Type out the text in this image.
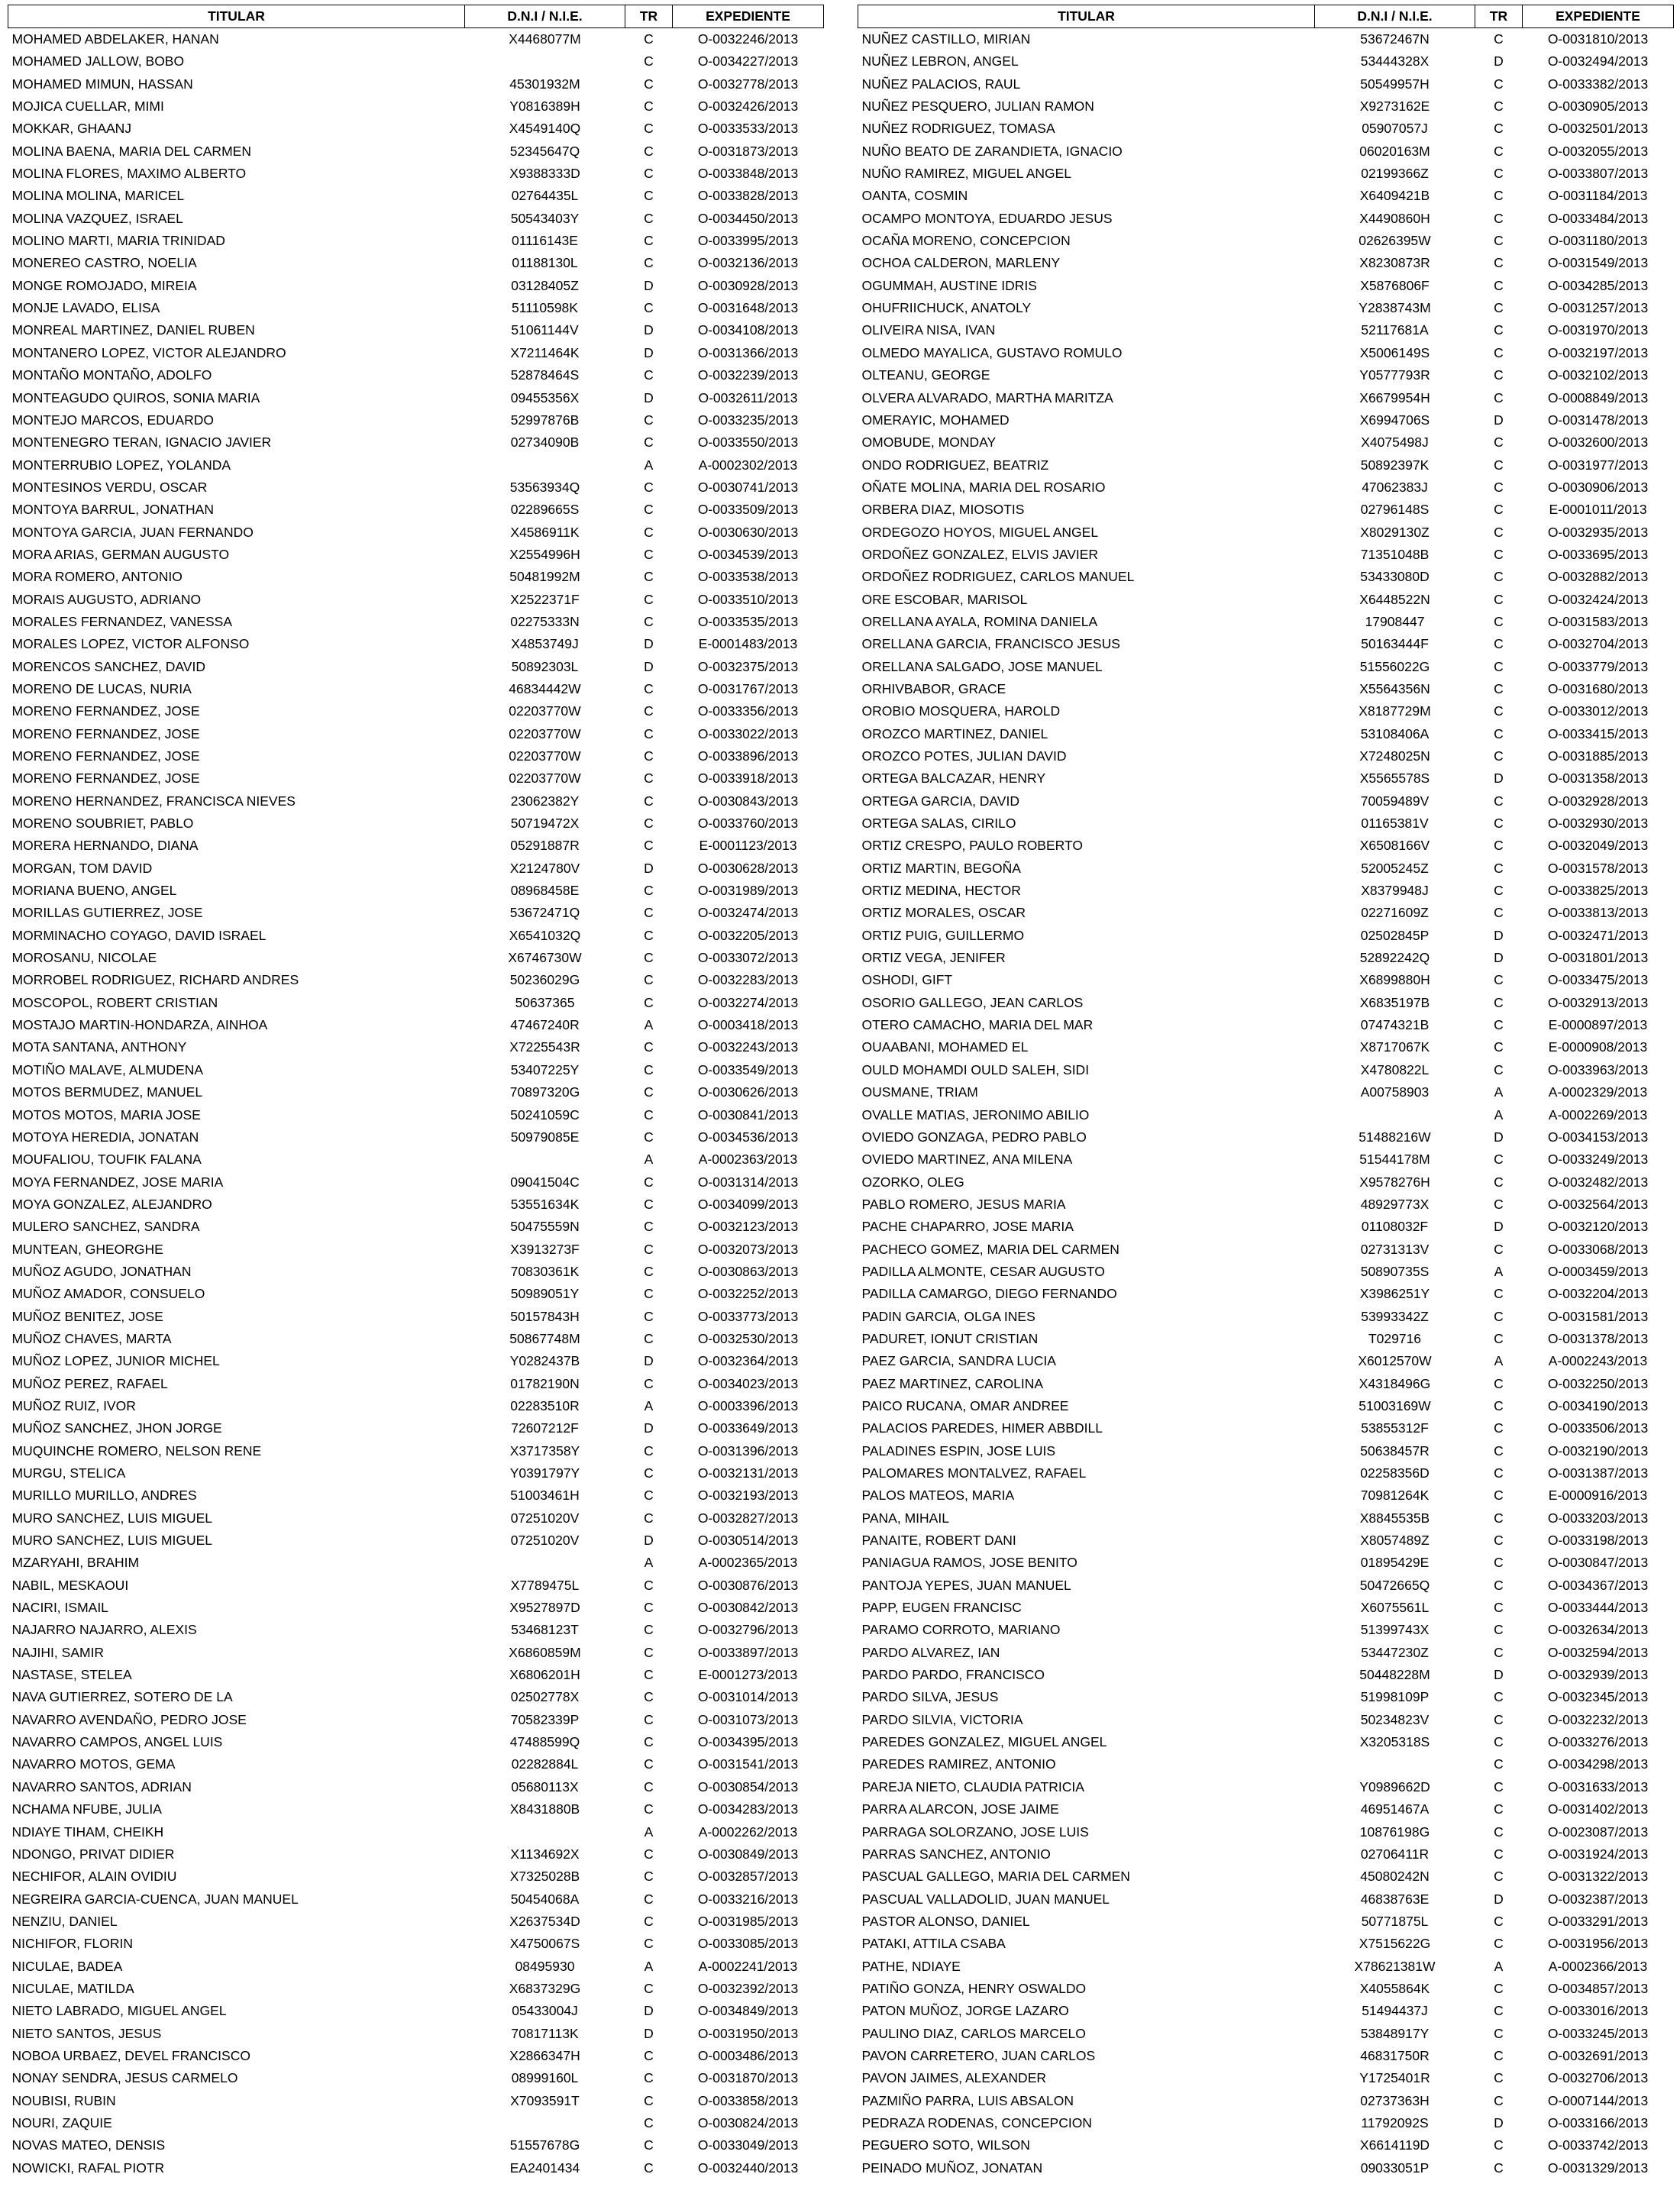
TITULAR	D.N.I / N.I.E.	TR	EXPEDIENTE
MOHAMED ABDELAKER, HANAN	X4468077M	C	O-0032246/2013
MOHAMED JALLOW, BOBO		C	O-0034227/2013
MOHAMED MIMUN, HASSAN	45301932M	C	O-0032778/2013
MOJICA CUELLAR, MIMI	Y0816389H	C	O-0032426/2013
MOKKAR, GHAANJ	X4549140Q	C	O-0033533/2013
MOLINA BAENA, MARIA DEL CARMEN	52345647Q	C	O-0031873/2013
MOLINA FLORES, MAXIMO ALBERTO	X9388333D	C	O-0033848/2013
MOLINA MOLINA, MARICEL	02764435L	C	O-0033828/2013
MOLINA VAZQUEZ, ISRAEL	50543403Y	C	O-0034450/2013
MOLINO MARTI, MARIA TRINIDAD	01116143E	C	O-0033995/2013
MONEREO CASTRO, NOELIA	01188130L	C	O-0032136/2013
MONGE ROMOJADO, MIREIA	03128405Z	D	O-0030928/2013
MONJE LAVADO, ELISA	51110598K	C	O-0031648/2013
MONREAL MARTINEZ, DANIEL RUBEN	51061144V	D	O-0034108/2013
MONTANERO LOPEZ, VICTOR ALEJANDRO	X7211464K	D	O-0031366/2013
MONTAÑO MONTAÑO, ADOLFO	52878464S	C	O-0032239/2013
MONTEAGUDO QUIROS, SONIA MARIA	09455356X	D	O-0032611/2013
MONTEJO MARCOS, EDUARDO	52997876B	C	O-0033235/2013
MONTENEGRO TERAN, IGNACIO JAVIER	02734090B	C	O-0033550/2013
MONTERRUBIO LOPEZ, YOLANDA		A	A-0002302/2013
MONTESINOS VERDU, OSCAR	53563934Q	C	O-0030741/2013
MONTOYA BARRUL, JONATHAN	02289665S	C	O-0033509/2013
MONTOYA GARCIA, JUAN FERNANDO	X4586911K	C	O-0030630/2013
MORA ARIAS, GERMAN AUGUSTO	X2554996H	C	O-0034539/2013
MORA ROMERO, ANTONIO	50481992M	C	O-0033538/2013
MORAIS AUGUSTO, ADRIANO	X2522371F	C	O-0033510/2013
MORALES FERNANDEZ, VANESSA	02275333N	C	O-0033535/2013
MORALES LOPEZ, VICTOR ALFONSO	X4853749J	D	E-0001483/2013
MORENCOS SANCHEZ, DAVID	50892303L	D	O-0032375/2013
MORENO DE LUCAS, NURIA	46834442W	C	O-0031767/2013
MORENO FERNANDEZ, JOSE	02203770W	C	O-0033356/2013
MORENO FERNANDEZ, JOSE	02203770W	C	O-0033022/2013
MORENO FERNANDEZ, JOSE	02203770W	C	O-0033896/2013
MORENO FERNANDEZ, JOSE	02203770W	C	O-0033918/2013
MORENO HERNANDEZ, FRANCISCA NIEVES	23062382Y	C	O-0030843/2013
MORENO SOUBRIET, PABLO	50719472X	C	O-0033760/2013
MORERA HERNANDO, DIANA	05291887R	C	E-0001123/2013
MORGAN, TOM DAVID	X2124780V	D	O-0030628/2013
MORIANA BUENO, ANGEL	08968458E	C	O-0031989/2013
MORILLAS GUTIERREZ, JOSE	53672471Q	C	O-0032474/2013
MORMINACHO COYAGO, DAVID ISRAEL	X6541032Q	C	O-0032205/2013
MOROSANU, NICOLAE	X6746730W	C	O-0033072/2013
MORROBEL RODRIGUEZ, RICHARD ANDRES	50236029G	C	O-0032283/2013
MOSCOPOL, ROBERT CRISTIAN	50637365	C	O-0032274/2013
MOSTAJO MARTIN-HONDARZA, AINHOA	47467240R	A	O-0003418/2013
MOTA SANTANA, ANTHONY	X7225543R	C	O-0032243/2013
MOTIÑO MALAVE, ALMUDENA	53407225Y	C	O-0033549/2013
MOTOS BERMUDEZ, MANUEL	70897320G	C	O-0030626/2013
MOTOS MOTOS, MARIA JOSE	50241059C	C	O-0030841/2013
MOTOYA HEREDIA, JONATAN	50979085E	C	O-0034536/2013
MOUFALIOU, TOUFIK FALANA		A	A-0002363/2013
MOYA FERNANDEZ, JOSE MARIA	09041504C	C	O-0031314/2013
MOYA GONZALEZ, ALEJANDRO	53551634K	C	O-0034099/2013
MULERO SANCHEZ, SANDRA	50475559N	C	O-0032123/2013
MUNTEAN, GHEORGHE	X3913273F	C	O-0032073/2013
MUÑOZ AGUDO, JONATHAN	70830361K	C	O-0030863/2013
MUÑOZ AMADOR, CONSUELO	50989051Y	C	O-0032252/2013
MUÑOZ BENITEZ, JOSE	50157843H	C	O-0033773/2013
MUÑOZ CHAVES, MARTA	50867748M	C	O-0032530/2013
MUÑOZ LOPEZ, JUNIOR MICHEL	Y0282437B	D	O-0032364/2013
MUÑOZ PEREZ, RAFAEL	01782190N	C	O-0034023/2013
MUÑOZ RUIZ, IVOR	02283510R	A	O-0003396/2013
MUÑOZ SANCHEZ, JHON JORGE	72607212F	D	O-0033649/2013
MUQUINCHE ROMERO, NELSON RENE	X3717358Y	C	O-0031396/2013
MURGU, STELICA	Y0391797Y	C	O-0032131/2013
MURILLO MURILLO, ANDRES	51003461H	C	O-0032193/2013
MURO SANCHEZ, LUIS MIGUEL	07251020V	C	O-0032827/2013
MURO SANCHEZ, LUIS MIGUEL	07251020V	D	O-0030514/2013
MZARYAHI, BRAHIM		A	A-0002365/2013
NABIL, MESKAOUI	X7789475L	C	O-0030876/2013
NACIRI, ISMAIL	X9527897D	C	O-0030842/2013
NAJARRO NAJARRO, ALEXIS	53468123T	C	O-0032796/2013
NAJIHI, SAMIR	X6860859M	C	O-0033897/2013
NASTASE, STELEA	X6806201H	C	E-0001273/2013
NAVA GUTIERREZ, SOTERO DE LA	02502778X	C	O-0031014/2013
NAVARRO AVENDAÑO, PEDRO JOSE	70582339P	C	O-0031073/2013
NAVARRO CAMPOS, ANGEL LUIS	47488599Q	C	O-0034395/2013
NAVARRO MOTOS, GEMA	02282884L	C	O-0031541/2013
NAVARRO SANTOS, ADRIAN	05680113X	C	O-0030854/2013
NCHAMA NFUBE, JULIA	X8431880B	C	O-0034283/2013
NDIAYE TIHAM, CHEIKH		A	A-0002262/2013
NDONGO, PRIVAT DIDIER	X1134692X	C	O-0030849/2013
NECHIFOR, ALAIN OVIDIU	X7325028B	C	O-0032857/2013
NEGREIRA GARCIA-CUENCA, JUAN MANUEL	50454068A	C	O-0033216/2013
NENZIU, DANIEL	X2637534D	C	O-0031985/2013
NICHIFOR, FLORIN	X4750067S	C	O-0033085/2013
NICULAE, BADEA	08495930	A	A-0002241/2013
NICULAE, MATILDA	X6837329G	C	O-0032392/2013
NIETO LABRADO, MIGUEL ANGEL	05433004J	D	O-0034849/2013
NIETO SANTOS, JESUS	70817113K	D	O-0031950/2013
NOBOA URBAEZ, DEVEL FRANCISCO	X2866347H	C	O-0003486/2013
NONAY SENDRA, JESUS CARMELO	08999160L	C	O-0031870/2013
NOUBISI, RUBIN	X7093591T	C	O-0033858/2013
NOURI, ZAQUIE		C	O-0030824/2013
NOVAS MATEO, DENSIS	51557678G	C	O-0033049/2013
NOWICKI, RAFAL PIOTR	EA2401434	C	O-0032440/2013
TITULAR	D.N.I / N.I.E.	TR	EXPEDIENTE
NUÑEZ CASTILLO, MIRIAN	53672467N	C	O-0031810/2013
NUÑEZ LEBRON, ANGEL	53444328X	D	O-0032494/2013
NUÑEZ PALACIOS, RAUL	50549957H	C	O-0033382/2013
NUÑEZ PESQUERO, JULIAN RAMON	X9273162E	C	O-0030905/2013
NUÑEZ RODRIGUEZ, TOMASA	05907057J	C	O-0032501/2013
NUÑO BEATO DE ZARANDIETA, IGNACIO	06020163M	C	O-0032055/2013
NUÑO RAMIREZ, MIGUEL ANGEL	02199366Z	C	O-0033807/2013
OANTA, COSMIN	X6409421B	C	O-0031184/2013
OCAMPO MONTOYA, EDUARDO JESUS	X4490860H	C	O-0033484/2013
OCAÑA MORENO, CONCEPCION	02626395W	C	O-0031180/2013
OCHOA CALDERON, MARLENY	X8230873R	C	O-0031549/2013
OGUMMAH, AUSTINE IDRIS	X5876806F	C	O-0034285/2013
OHUFRIICHUCK, ANATOLY	Y2838743M	C	O-0031257/2013
OLIVEIRA NISA, IVAN	52117681A	C	O-0031970/2013
OLMEDO MAYALICA, GUSTAVO ROMULO	X5006149S	C	O-0032197/2013
OLTEANU, GEORGE	Y0577793R	C	O-0032102/2013
OLVERA ALVARADO, MARTHA MARITZA	X6679954H	C	O-0008849/2013
OMERAYIC, MOHAMED	X6994706S	D	O-0031478/2013
OMOBUDE, MONDAY	X4075498J	C	O-0032600/2013
ONDO RODRIGUEZ, BEATRIZ	50892397K	C	O-0031977/2013
OÑATE MOLINA, MARIA DEL ROSARIO	47062383J	C	O-0030906/2013
ORBERA DIAZ, MIOSOTIS	02796148S	C	E-0001011/2013
ORDEGOZO HOYOS, MIGUEL ANGEL	X8029130Z	C	O-0032935/2013
ORDOÑEZ GONZALEZ, ELVIS JAVIER	71351048B	C	O-0033695/2013
ORDOÑEZ RODRIGUEZ, CARLOS MANUEL	53433080D	C	O-0032882/2013
ORE ESCOBAR, MARISOL	X6448522N	C	O-0032424/2013
ORELLANA AYALA, ROMINA DANIELA	17908447	C	O-0031583/2013
ORELLANA GARCIA, FRANCISCO JESUS	50163444F	C	O-0032704/2013
ORELLANA SALGADO, JOSE MANUEL	51556022G	C	O-0033779/2013
ORHIVBABOR, GRACE	X5564356N	C	O-0031680/2013
OROBIO MOSQUERA, HAROLD	X8187729M	C	O-0033012/2013
OROZCO MARTINEZ, DANIEL	53108406A	C	O-0033415/2013
OROZCO POTES, JULIAN DAVID	X7248025N	C	O-0031885/2013
ORTEGA BALCAZAR, HENRY	X5565578S	D	O-0031358/2013
ORTEGA GARCIA, DAVID	70059489V	C	O-0032928/2013
ORTEGA SALAS, CIRILO	01165381V	C	O-0032930/2013
ORTIZ CRESPO, PAULO ROBERTO	X6508166V	C	O-0032049/2013
ORTIZ MARTIN, BEGOÑA	52005245Z	C	O-0031578/2013
ORTIZ MEDINA, HECTOR	X8379948J	C	O-0033825/2013
ORTIZ MORALES, OSCAR	02271609Z	C	O-0033813/2013
ORTIZ PUIG, GUILLERMO	02502845P	D	O-0032471/2013
ORTIZ VEGA, JENIFER	52892242Q	D	O-0031801/2013
OSHODI, GIFT	X6899880H	C	O-0033475/2013
OSORIO GALLEGO, JEAN CARLOS	X6835197B	C	O-0032913/2013
OTERO CAMACHO, MARIA DEL MAR	07474321B	C	E-0000897/2013
OUAABANI, MOHAMED EL	X8717067K	C	E-0000908/2013
OULD MOHAMDI OULD SALEH, SIDI	X4780822L	C	O-0033963/2013
OUSMANE, TRIAM	A00758903	A	A-0002329/2013
OVALLE MATIAS, JERONIMO ABILIO		A	A-0002269/2013
OVIEDO GONZAGA, PEDRO PABLO	51488216W	D	O-0034153/2013
OVIEDO MARTINEZ, ANA MILENA	51544178M	C	O-0033249/2013
OZORKO, OLEG	X9578276H	C	O-0032482/2013
PABLO ROMERO, JESUS MARIA	48929773X	C	O-0032564/2013
PACHE CHAPARRO, JOSE MARIA	01108032F	D	O-0032120/2013
PACHECO GOMEZ, MARIA DEL CARMEN	02731313V	C	O-0033068/2013
PADILLA ALMONTE, CESAR AUGUSTO	50890735S	A	O-0003459/2013
PADILLA CAMARGO, DIEGO FERNANDO	X3986251Y	C	O-0032204/2013
PADIN GARCIA, OLGA INES	53993342Z	C	O-0031581/2013
PADURET, IONUT CRISTIAN	T029716	C	O-0031378/2013
PAEZ GARCIA, SANDRA LUCIA	X6012570W	A	A-0002243/2013
PAEZ MARTINEZ, CAROLINA	X4318496G	C	O-0032250/2013
PAICO RUCANA, OMAR ANDREE	51003169W	C	O-0034190/2013
PALACIOS PAREDES, HIMER ABBDILL	53855312F	C	O-0033506/2013
PALADINES ESPIN, JOSE LUIS	50638457R	C	O-0032190/2013
PALOMARES MONTALVEZ, RAFAEL	02258356D	C	O-0031387/2013
PALOS MATEOS, MARIA	70981264K	C	E-0000916/2013
PANA, MIHAIL	X8845535B	C	O-0033203/2013
PANAITE, ROBERT DANI	X8057489Z	C	O-0033198/2013
PANIAGUA RAMOS, JOSE BENITO	01895429E	C	O-0030847/2013
PANTOJA YEPES, JUAN MANUEL	50472665Q	C	O-0034367/2013
PAPP, EUGEN FRANCISC	X6075561L	C	O-0033444/2013
PARAMO CORROTO, MARIANO	51399743X	C	O-0032634/2013
PARDO ALVAREZ, IAN	53447230Z	C	O-0032594/2013
PARDO PARDO, FRANCISCO	50448228M	D	O-0032939/2013
PARDO SILVA, JESUS	51998109P	C	O-0032345/2013
PARDO SILVIA, VICTORIA	50234823V	C	O-0032232/2013
PAREDES GONZALEZ, MIGUEL ANGEL	X3205318S	C	O-0033276/2013
PAREDES RAMIREZ, ANTONIO		C	O-0034298/2013
PAREJA NIETO, CLAUDIA PATRICIA	Y0989662D	C	O-0031633/2013
PARRA ALARCON, JOSE JAIME	46951467A	C	O-0031402/2013
PARRAGA SOLORZANO, JOSE LUIS	10876198G	C	O-0023087/2013
PARRAS SANCHEZ, ANTONIO	02706411R	C	O-0031924/2013
PASCUAL GALLEGO, MARIA DEL CARMEN	45080242N	C	O-0031322/2013
PASCUAL VALLADOLID, JUAN MANUEL	46838763E	D	O-0032387/2013
PASTOR ALONSO, DANIEL	50771875L	C	O-0033291/2013
PATAKI, ATTILA CSABA	X7515622G	C	O-0031956/2013
PATHE, NDIAYE	X78621381W	A	A-0002366/2013
PATIÑO GONZA, HENRY OSWALDO	X4055864K	C	O-0034857/2013
PATON MUÑOZ, JORGE LAZARO	51494437J	C	O-0033016/2013
PAULINO DIAZ, CARLOS MARCELO	53848917Y	C	O-0033245/2013
PAVON CARRETERO, JUAN CARLOS	46831750R	C	O-0032691/2013
PAVON JAIMES, ALEXANDER	Y1725401R	C	O-0032706/2013
PAZMIÑO PARRA, LUIS ABSALON	02737363H	C	O-0007144/2013
PEDRAZA RODENAS, CONCEPCION	11792092S	D	O-0033166/2013
PEGUERO SOTO, WILSON	X6614119D	C	O-0033742/2013
PEINADO MUÑOZ, JONATAN	09033051P	C	O-0031329/2013
